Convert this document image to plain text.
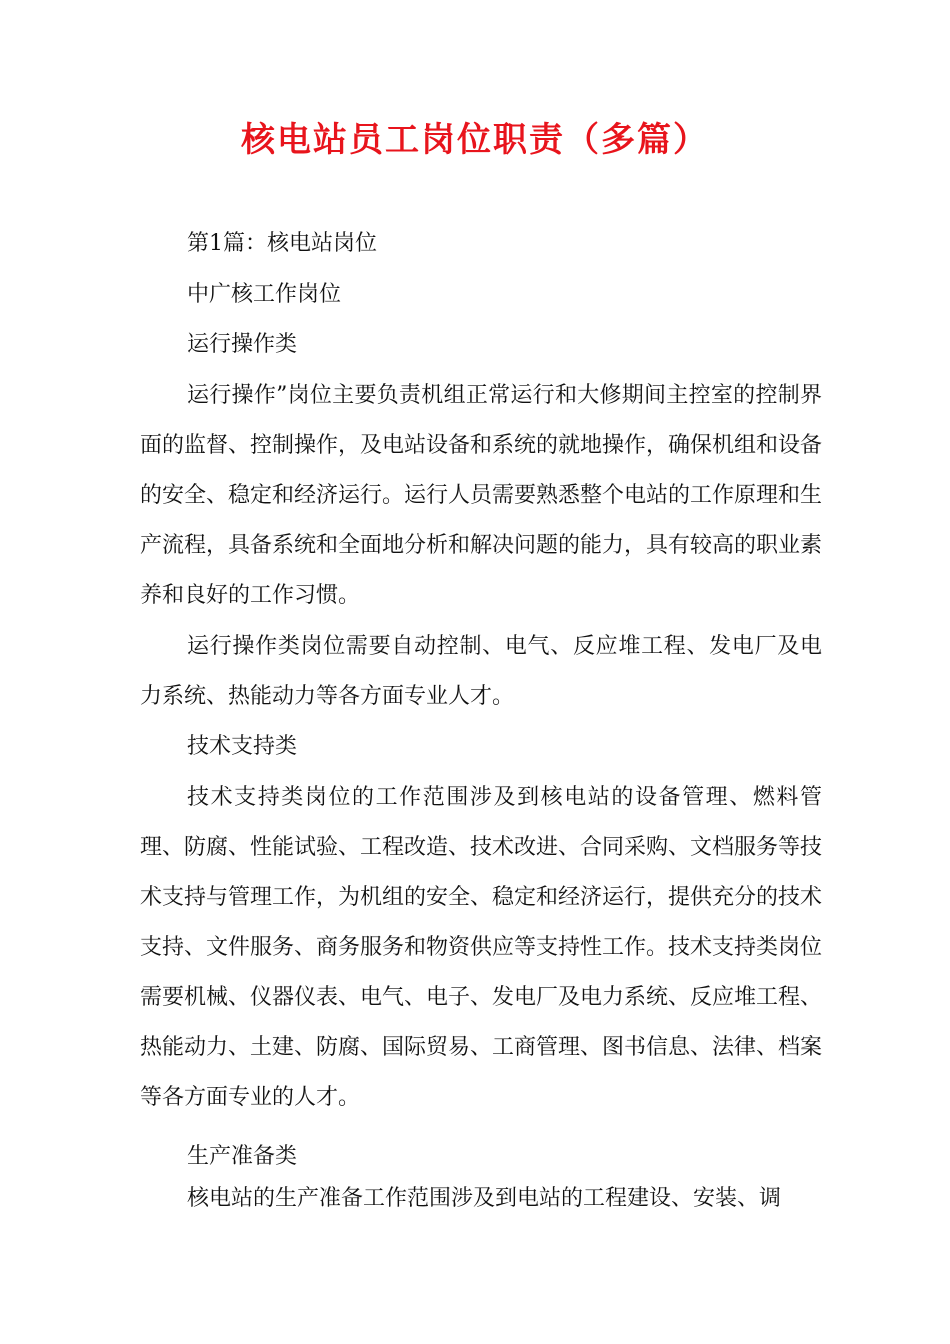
核电站员工岗位职责（多篇）

第1篇：核电站岗位

中广核工作岗位

运行操作类

运行操作”岗位主要负责机组正常运行和大修期间主控室的控制界面的监督、控制操作，及电站设备和系统的就地操作，确保机组和设备的安全、稳定和经济运行。运行人员需要熟悉整个电站的工作原理和生产流程，具备系统和全面地分析和解决问题的能力，具有较高的职业素养和良好的工作习惯。

运行操作类岗位需要自动控制、电气、反应堆工程、发电厂及电力系统、热能动力等各方面专业人才。

技术支持类

技术支持类岗位的工作范围涉及到核电站的设备管理、燃料管理、防腐、性能试验、工程改造、技术改进、合同采购、文档服务等技术支持与管理工作，为机组的安全、稳定和经济运行，提供充分的技术支持、文件服务、商务服务和物资供应等支持性工作。技术支持类岗位需要机械、仪器仪表、电气、电子、发电厂及电力系统、反应堆工程、热能动力、土建、防腐、国际贸易、工商管理、图书信息、法律、档案等各方面专业的人才。

生产准备类

核电站的生产准备工作范围涉及到电站的工程建设、安装、调
